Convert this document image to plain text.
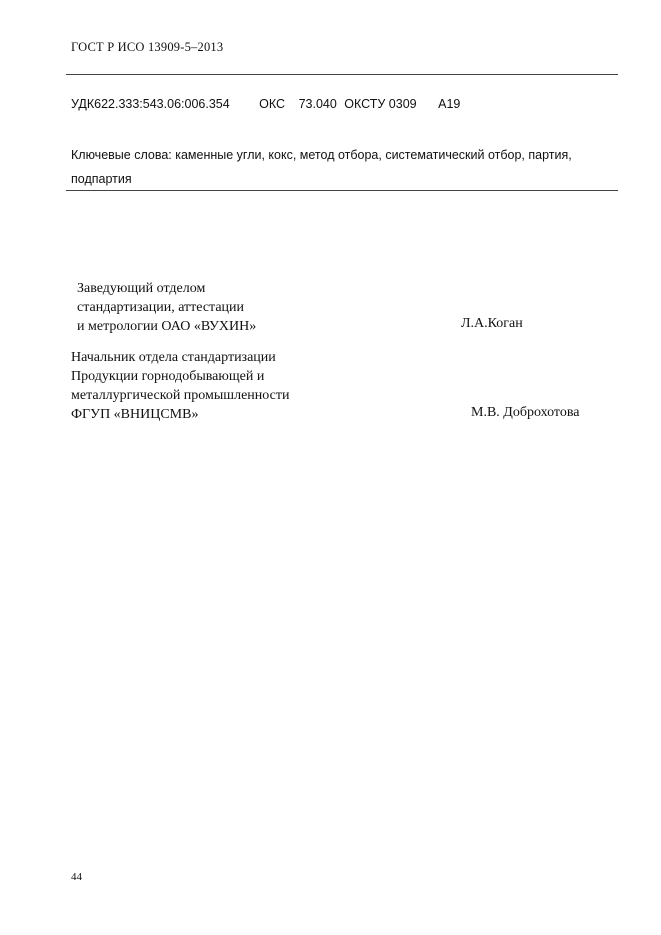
ГОСТ Р ИСО 13909-5–2013
УДК622.333:543.06:006.354 ОКС 73.040 ОКСТУ 0309 А19
Ключевые слова: каменные угли, кокс, метод отбора, систематический отбор, партия, подпартия
Заведующий отделом
стандартизации, аттестации
и метрологии ОАО «ВУХИН»	Л.А.Коган
Начальник отдела стандартизации
Продукции горнодобывающей и
металлургической промышленности
ФГУП «ВНИЦСМВ»	М.В. Доброхотова
44
